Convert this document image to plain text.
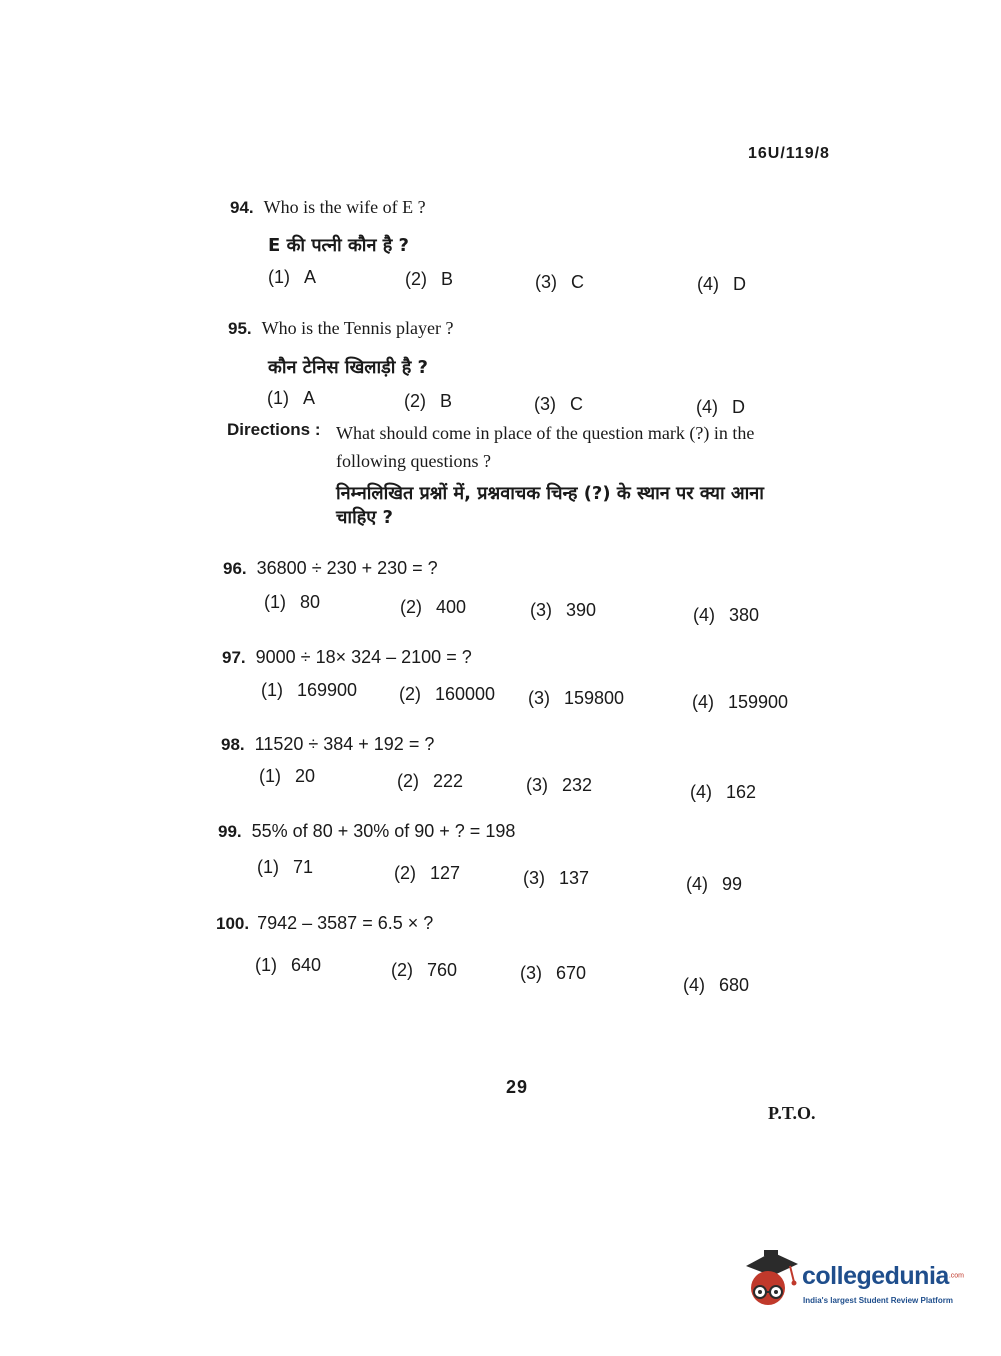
16U/119/8
94. Who is the wife of E ?
E की पत्नी कौन है ?
(1) A	(2) B	(3) C	(4) D
95. Who is the Tennis player ?
कौन टेनिस खिलाड़ी है ?
(1) A	(2) B	(3) C	(4) D
Directions : What should come in place of the question mark (?) in the
following questions ?
निम्नलिखित प्रश्नों में, प्रश्नवाचक चिन्ह (?) के स्थान पर क्या आना
चाहिए ?
96. 36800 ÷ 230 + 230 = ?
(1) 80	(2) 400	(3) 390	(4) 380
97. 9000 ÷ 18× 324 – 2100 = ?
(1) 169900 (2) 160000 (3) 159800	(4) 159900
98. 11520 ÷ 384 + 192 = ?
(1) 20	(2) 222	(3) 232	(4) 162
99. 55% of 80 + 30% of 90 + ? = 198
(1) 71	(2) 127	(3) 137	(4) 99
100. 7942 – 3587 = 6.5 × ?
(1) 640	(2) 760	(3) 670
(4) 680
29
P.T.O.
collegedunia$^{.com}$
India's largest Student Review Platform
